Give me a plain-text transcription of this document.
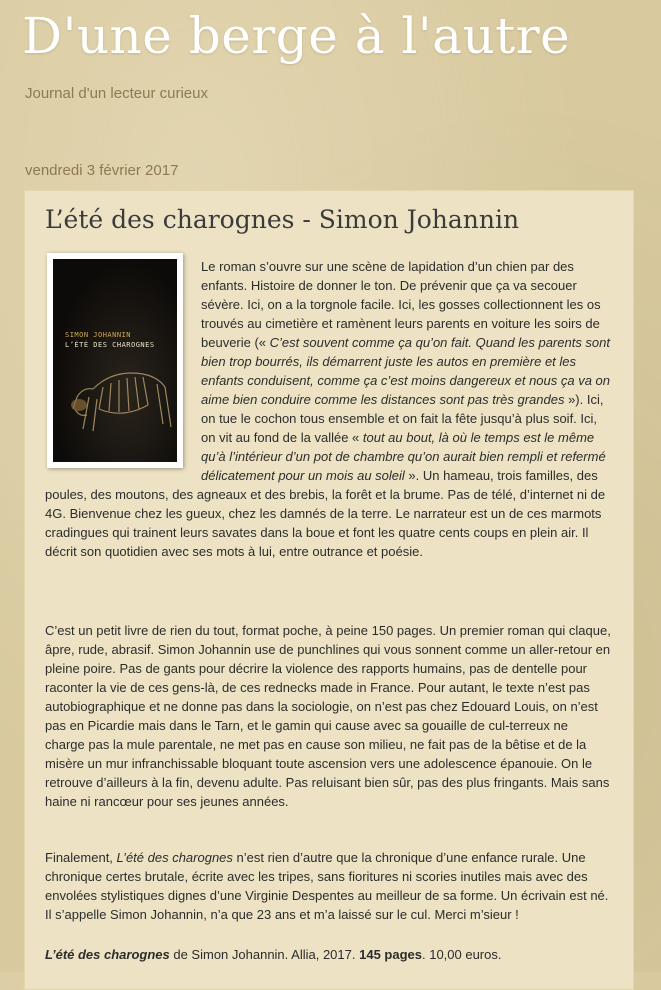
D'une berge à l'autre
Journal d'un lecteur curieux
vendredi 3 février 2017
L’été des charognes - Simon Johannin
SIMON JOHANNIN
L’ÉTÉ DES CHAROGNES

Le roman s’ouvre sur une scène de lapidation d’un chien par des enfants. Histoire de donner le ton. De prévenir que ça va secouer sévère. Ici, on a la torgnole facile. Ici, les gosses collectionnent les os trouvés au cimetière et ramènent leurs parents en voiture les soirs de beuverie (« C’est souvent comme ça qu’on fait. Quand les parents sont bien trop bourrés, ils démarrent juste les autos en première et les enfants conduisent, comme ça c’est moins dangereux et nous ça va on aime bien conduire comme les distances sont pas très grandes »). Ici, on tue le cochon tous ensemble et on fait la fête jusqu’à plus soif. Ici, on vit au fond de la vallée « tout au bout, là où le temps est le même qu’à l’intérieur d’un pot de chambre qu’on aurait bien rempli et refermé délicatement pour un mois au soleil ». Un hameau, trois familles, des poules, des moutons, des agneaux et des brebis, la forêt et la brume. Pas de télé, d’internet ni de 4G. Bienvenue chez les gueux, chez les damnés de la terre. Le narrateur est un de ces marmots cradingues qui trainent leurs savates dans la boue et font les quatre cents coups en plein air. Il décrit son quotidien avec ses mots à lui, entre outrance et poésie.

C’est un petit livre de rien du tout, format poche, à peine 150 pages. Un premier roman qui claque, âpre, rude, abrasif. Simon Johannin use de punchlines qui vous sonnent comme un aller-retour en pleine poire. Pas de gants pour décrire la violence des rapports humains, pas de dentelle pour raconter la vie de ces gens-là, de ces rednecks made in France. Pour autant, le texte n’est pas autobiographique et ne donne pas dans la sociologie, on n’est pas chez Edouard Louis, on n’est pas en Picardie mais dans le Tarn, et le gamin qui cause avec sa gouaille de cul-terreux ne charge pas la mule parentale, ne met pas en cause son milieu, ne fait pas de la bêtise et de la misère un mur infranchissable bloquant toute ascension vers une adolescence épanouie. On le retrouve d’ailleurs à la fin, devenu adulte. Pas reluisant bien sûr, pas des plus fringants. Mais sans haine ni rancœur pour ses jeunes années.

Finalement, L’été des charognes n’est rien d’autre que la chronique d’une enfance rurale. Une chronique certes brutale, écrite avec les tripes, sans fioritures ni scories inutiles mais avec des envolées stylistiques dignes d’une Virginie Despentes au meilleur de sa forme. Un écrivain est né. Il s’appelle Simon Johannin, n’a que 23 ans et m’a laissé sur le cul. Merci m’sieur !

L’été des charognes de Simon Johannin. Allia, 2017. 145 pages. 10,00 euros.
